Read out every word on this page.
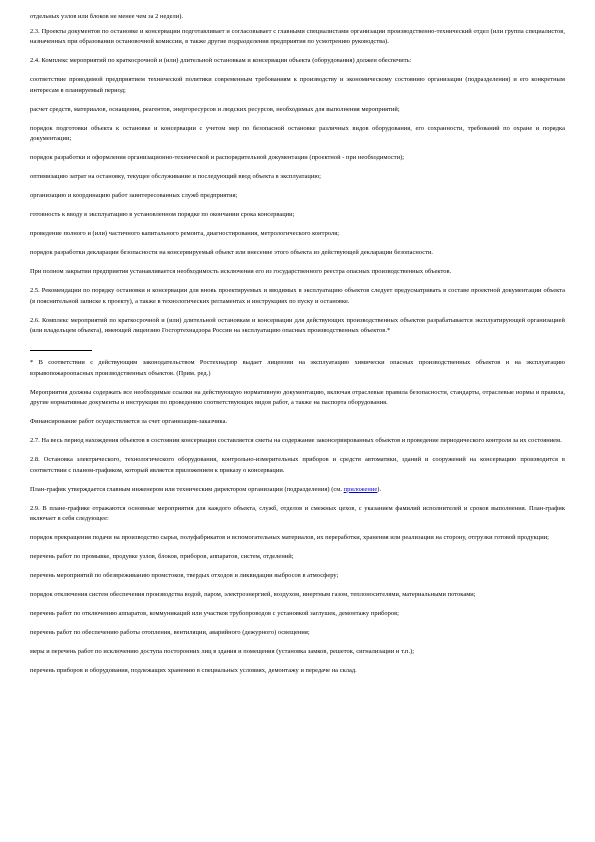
отдельных узлов или блоков не менее чем за 2 недели).

2.3. Проекты документов по остановке и консервации подготавливает и согласовывает с главными специалистами организации производственно-технический отдел (или группа специалистов, назначенных при образовании остановочной комиссии, в также другие подразделения предприятия по усмотрению руководства).

2.4. Комплекс мероприятий по краткосрочной и (или) длительной остановкам и консервации объекта (оборудования) должен обеспечить:

соответствие проводимой предприятием технической политики современным требованиям к производству и экономическому состоянию организации (подразделения) и его конкретным интересам в планируемый период;

расчет средств, материалов, оснащения, реагентов, энергоресурсов и людских ресурсов, необходимых для выполнения мероприятий;

порядок подготовки объекта к остановке и консервации с учетом мер по безопасной остановке различных видов оборудования, его сохранности, требований по охране и порядка документации;

порядок разработки и оформления организационно-технической и распорядительной документации (проектной - при необходимости);

оптимизацию затрат на остановку, текущее обслуживание и последующий ввод объекта в эксплуатацию;

организацию и координацию работ заинтересованных служб предприятия;

готовность к вводу в эксплуатацию в установленном порядке по окончании срока консервации;

проведение полного и (или) частичного капитального ремонта, диагностирования, метрологического контроля;

порядок разработки декларации безопасности на консервируемый объект или внесение этого объекта из действующей декларации безопасности.

При полном закрытии предприятия устанавливается необходимость исключения его из государственного реестра опасных производственных объектов.

2.5. Рекомендации по порядку остановки и консервации для вновь проектируемых и вводимых в эксплуатацию объектов следует предусматривать в составе проектной документации объекта (в пояснительной записке к проекту), а также в технологических регламентах и инструкциях по пуску и остановке.

2.6. Комплекс мероприятий по краткосрочной и (или) длительной остановкам и консервации для действующих производственных объектов разрабатывается эксплуатирующей организацией (или владельцем объекта), имеющей лицензию Госгортехнадзора России на эксплуатацию опасных производственных объектов.*

* В соответствии с действующим законодательством Ростехнадзор выдает лицензии на эксплуатацию химически опасных производственных объектов и на эксплуатацию взрывопожароопасных производственных объектов. (Прим. ред.)

Мероприятия должны содержать все необходимые ссылки на действующую нормативную документацию, включая отраслевые правила безопасности, стандарты, отраслевые нормы и правила, другие нормативные документы и инструкции по проведению соответствующих видов работ, а также на паспорта оборудования.

Финансирование работ осуществляется за счет организации-заказчика.

2.7. На весь период нахождения объектов в состоянии консервации составляется сметы на содержание законсервированных объектов и проведение периодического контроля за их состоянием.

2.8. Остановка электрического, технологического оборудования, контрольно-измерительных приборов и средств автоматики, зданий и сооружений на консервацию производится в соответствии с планом-графиком, который является приложением к приказу о консервации.

План-график утверждается главным инженером или техническим директором организации (подразделения) (см. приложение).

2.9. В плане-графике отражаются основные мероприятия для каждого объекта, служб, отделов и смежных цехов, с указанием фамилий исполнителей и сроков выполнения. План-график включает в себя следующее:

порядок прекращения подачи на производство сырья, полуфабрикатов и вспомогательных материалов, их переработки, хранения или реализации на сторону, отгрузки готовой продукции;

перечень работ по промывке, продувке узлов, блоков, приборов, аппаратов, систем, отделений;

перечень мероприятий по обезвреживанию промстоков, твердых отходов и ликвидации выбросов в атмосферу;

порядок отключения систем обеспечения производства водой, паром, электроэнергией, воздухом, инертным газом, теплоносителями, материальными потоками;

перечень работ по отключению аппаратов, коммуникаций или участков трубопроводов с установкой заглушек, демонтажу приборов;

перечень работ по обеспечению работы отопления, вентиляции, аварийного (дежурного) освещения;

меры и перечень работ по исключению доступа посторонних лиц в здания и помещения (установка замков, решеток, сигнализации и т.п.);

перечень приборов и оборудования, подлежащих хранению в специальных условиях, демонтажу и передаче на склад.
